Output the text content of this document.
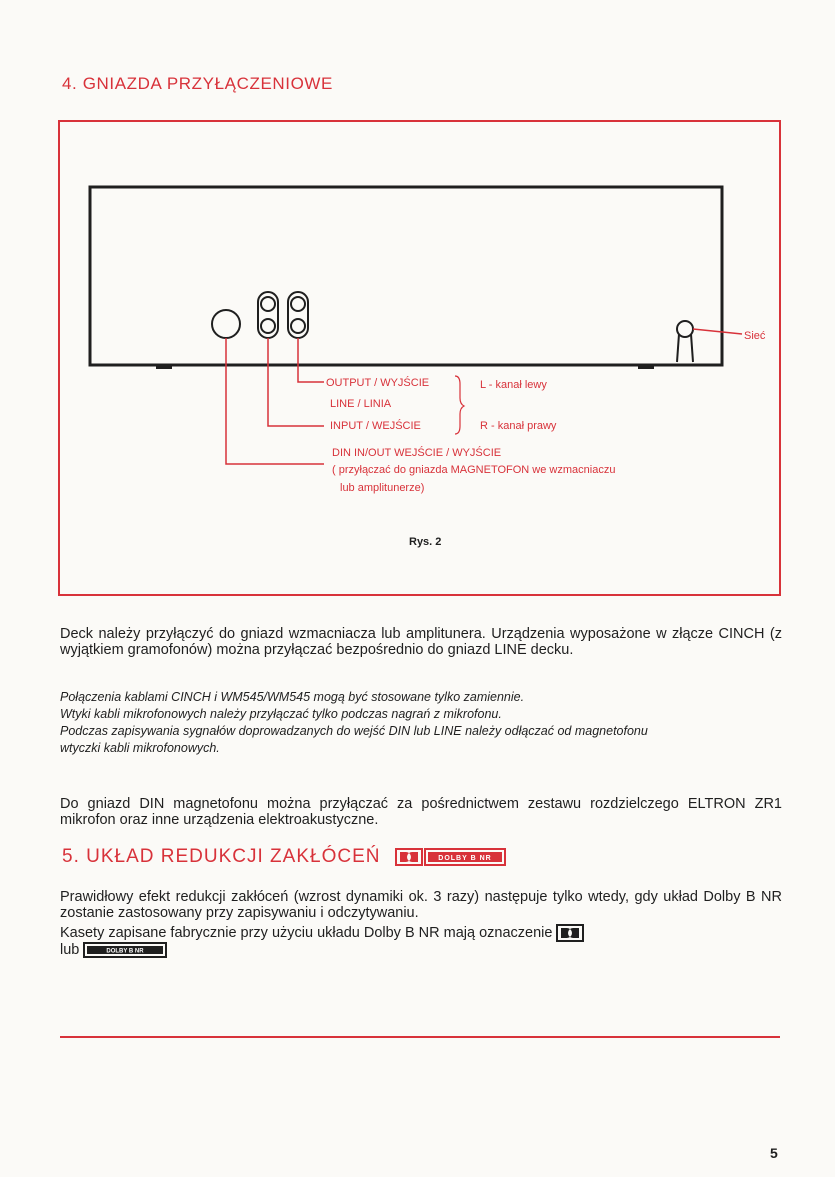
4. GNIAZDA PRZYŁĄCZENIOWE
Sieć
OUTPUT / WYJŚCIE
LINE / LINIA
INPUT / WEJŚCIE
L - kanał lewy
R - kanał prawy
DIN IN/OUT WEJŚCIE / WYJŚCIE
( przyłączać do gniazda MAGNETOFON we wzmacniaczu
lub amplitunerze)
Rys. 2
Deck należy przyłączyć do gniazd wzmacniacza lub amplitunera. Urządzenia wyposażone w złącze CINCH (z wyjątkiem gramofonów) można przyłączać bezpośrednio do gniazd LINE decku.
Połączenia kablami CINCH i WM545/WM545 mogą być stosowane tylko zamiennie.
Wtyki kabli mikrofonowych należy przyłączać tylko podczas nagrań z mikrofonu.
Podczas zapisywania sygnałów doprowadzanych do wejść DIN lub LINE należy odłączać od magnetofonu
wtyczki kabli mikrofonowych.
Do gniazd DIN magnetofonu można przyłączać za pośrednictwem zestawu rozdzielczego ELTRON ZR1 mikrofon oraz inne urządzenia elektroakustyczne.
5. UKŁAD REDUKCJI ZAKŁÓCEŃ	DOLBY B NR
Prawidłowy efekt redukcji zakłóceń (wzrost dynamiki ok. 3 razy) następuje tylko wtedy, gdy układ Dolby B NR zostanie zastosowany przy zapisywaniu i odczytywaniu.
Kasety zapisane fabrycznie przy użyciu układu Dolby B NR mają oznaczenie
lub	DOLBY B NR
5
